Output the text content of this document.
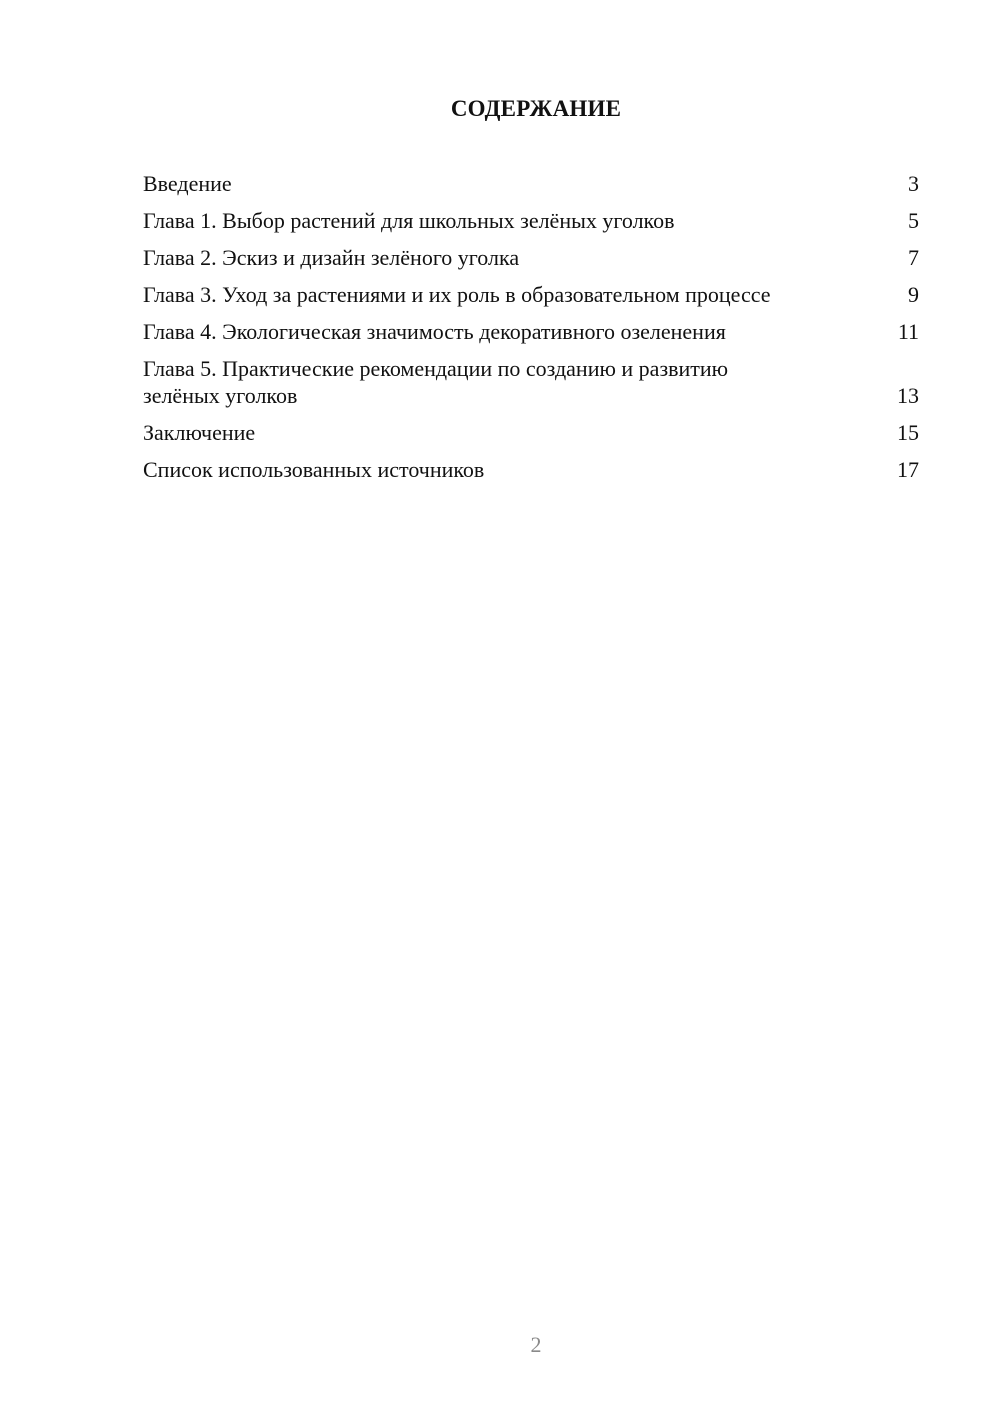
СОДЕРЖАНИЕ
Введение	3
Глава 1. Выбор растений для школьных зелёных уголков	5
Глава 2. Эскиз и дизайн зелёного уголка	7
Глава 3. Уход за растениями и их роль в образовательном процессе	9
Глава 4. Экологическая значимость декоративного озеленения	11
Глава 5. Практические рекомендации по созданию и развитию зелёных уголков	13
Заключение	15
Список использованных источников	17
2
